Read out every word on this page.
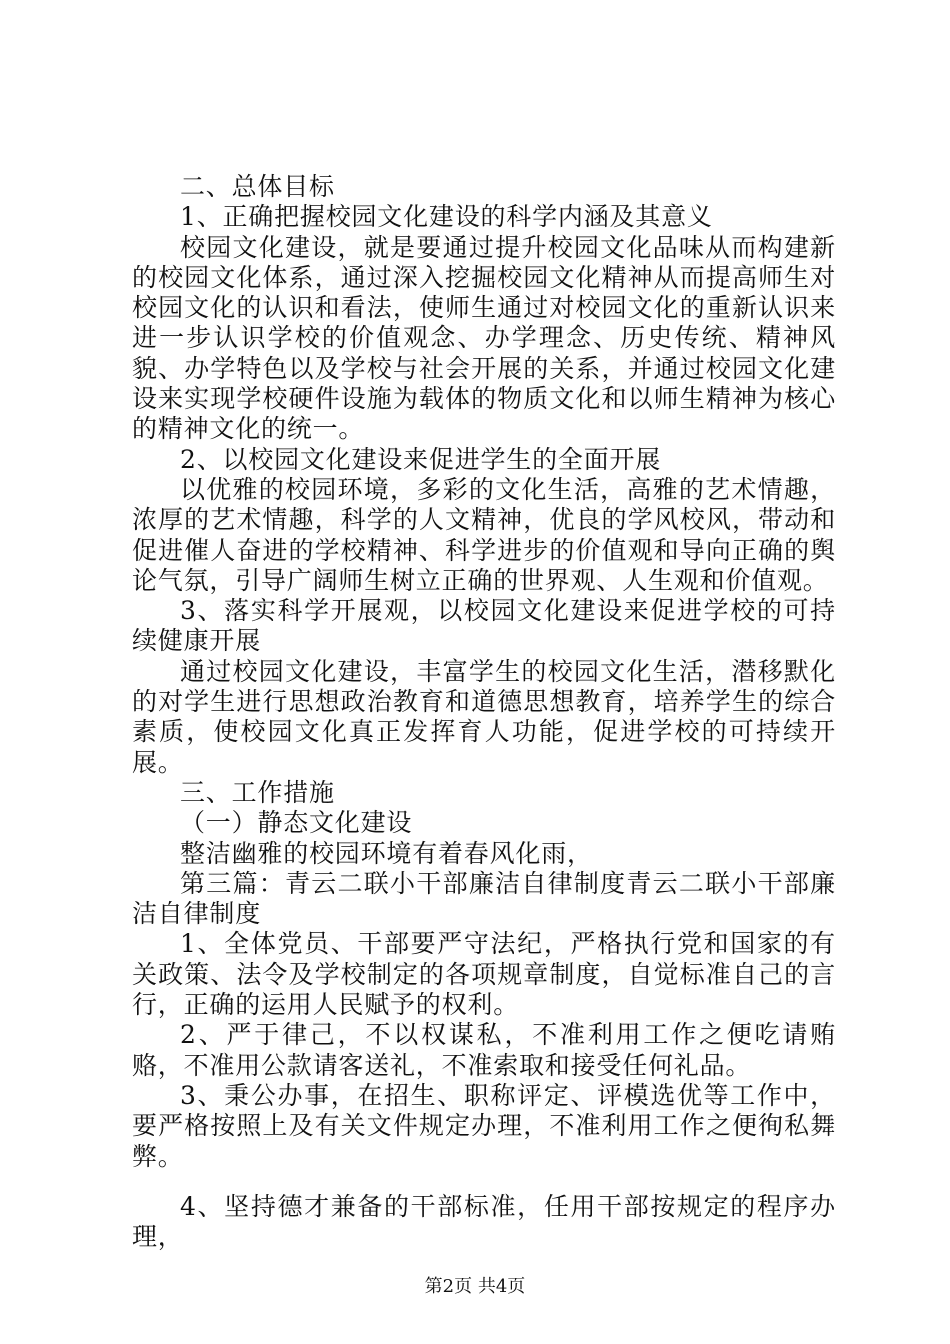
二、总体目标

1、正确把握校园文化建设的科学内涵及其意义

校园文化建设，就是要通过提升校园文化品味从而构建新的校园文化体系，通过深入挖掘校园文化精神从而提高师生对校园文化的认识和看法，使师生通过对校园文化的重新认识来进一步认识学校的价值观念、办学理念、历史传统、精神风貌、办学特色以及学校与社会开展的关系，并通过校园文化建设来实现学校硬件设施为载体的物质文化和以师生精神为核心的精神文化的统一。

2、以校园文化建设来促进学生的全面开展

以优雅的校园环境，多彩的文化生活，高雅的艺术情趣，浓厚的艺术情趣，科学的人文精神，优良的学风校风，带动和促进催人奋进的学校精神、科学进步的价值观和导向正确的舆论气氛，引导广阔师生树立正确的世界观、人生观和价值观。

3、落实科学开展观，以校园文化建设来促进学校的可持续健康开展

通过校园文化建设，丰富学生的校园文化生活，潜移默化的对学生进行思想政治教育和道德思想教育，培养学生的综合素质，使校园文化真正发挥育人功能，促进学校的可持续开展。

三、工作措施

（一）静态文化建设

整洁幽雅的校园环境有着春风化雨，

第三篇：青云二联小干部廉洁自律制度青云二联小干部廉洁自律制度

1、全体党员、干部要严守法纪，严格执行党和国家的有关政策、法令及学校制定的各项规章制度，自觉标准自己的言行，正确的运用人民赋予的权利。

2、严于律己，不以权谋私，不准利用工作之便吃请贿赂，不准用公款请客送礼，不准索取和接受任何礼品。

3、秉公办事，在招生、职称评定、评模选优等工作中，要严格按照上及有关文件规定办理，不准利用工作之便徇私舞弊。

4、坚持德才兼备的干部标准，任用干部按规定的程序办理，

第2页 共4页
